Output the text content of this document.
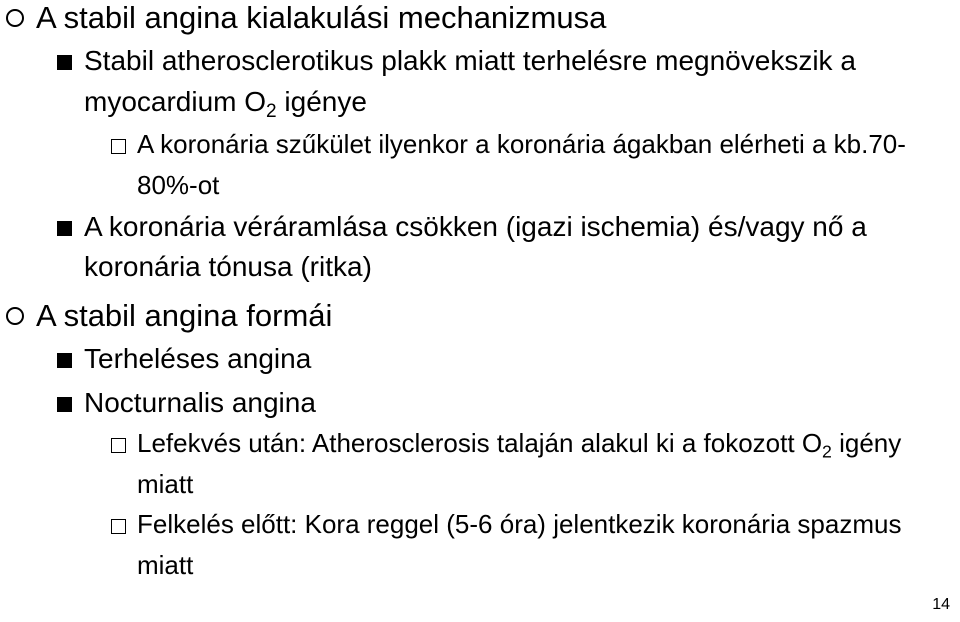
A stabil angina kialakulási mechanizmusa
Stabil atherosclerotikus plakk miatt terhelésre megnövekszik a
myocardium $O_2$ igénye
A koronária szűkület ilyenkor a koronária ágakban elérheti a kb.70-
80%-ot
A koronária véráramlása csökken (igazi ischemia) és/vagy nő a
koronária tónusa (ritka)
A stabil angina formái
Terheléses angina
Nocturnalis angina
Lefekvés után: Atherosclerosis talaján alakul ki a fokozott $O_2$ igény
miatt
Felkelés előtt: Kora reggel (5-6 óra) jelentkezik koronária spazmus
miatt
14
